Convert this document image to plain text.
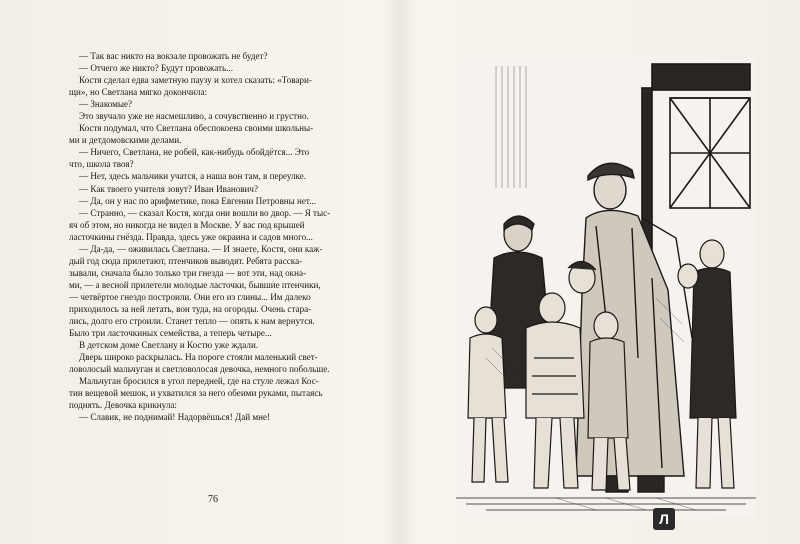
— Так вас никто на вокзале провожать не будет?
— Отчего же никто? Будут провожать...
Костя сделал едва заметную паузу и хотел сказать: «Товари-
щи», но Светлана мягко докончила:
— Знакомые?
Это звучало уже не насмешливо, а сочувственно и грустно.
Костя подумал, что Светлана обеспокоена своими школьны-
ми и детдомовскими делами.
— Ничего, Светлана, не робей, как-нибудь обойдётся... Это
что, школа твоя?
— Нет, здесь мальчики учатся, а наша вон там, в переулке.
— Как твоего учителя зовут? Иван Иванович?
— Да, он у нас по арифметике, пока Евгении Петровны нет...
— Странно, — сказал Костя, когда они вошли во двор. — Я тыс-
яч об этом, но никогда не видел в Москве. У вас под крышей
ласточкины гнёзда. Правда, здесь уже окраина и садов много...
— Да-да, — оживилась Светлана. — И знаете, Костя, они каж-
дый год сюда прилетают, птенчиков выводят. Ребята расска-
зывали, сначала было только три гнезда — вот эти, над окна-
ми, — а весной прилетели молодые ласточки, бывшие птенчики,
— четвёртое гнездо построили. Они его из глины... Им далеко
приходилось за ней летать, вон туда, на огороды. Очень стара-
лись, долго его строили. Станет тепло — опять к нам вернутся.
Было три ласточкиных семейства, а теперь четыре...
В детском доме Светлану и Костю уже ждали.
Дверь широко раскрылась. На пороге стояли маленький свет-
ловолосый мальчуган и светловолосая девочка, немного побольше.
Мальчуган бросился в угол передней, где на стуле лежал Кос-
тин вещевой мешок, и ухватился за него обеими руками, пытаясь
поднять. Девочка крикнула:
— Славик, не поднимай! Надорвёшься! Дай мне!
76
Л
